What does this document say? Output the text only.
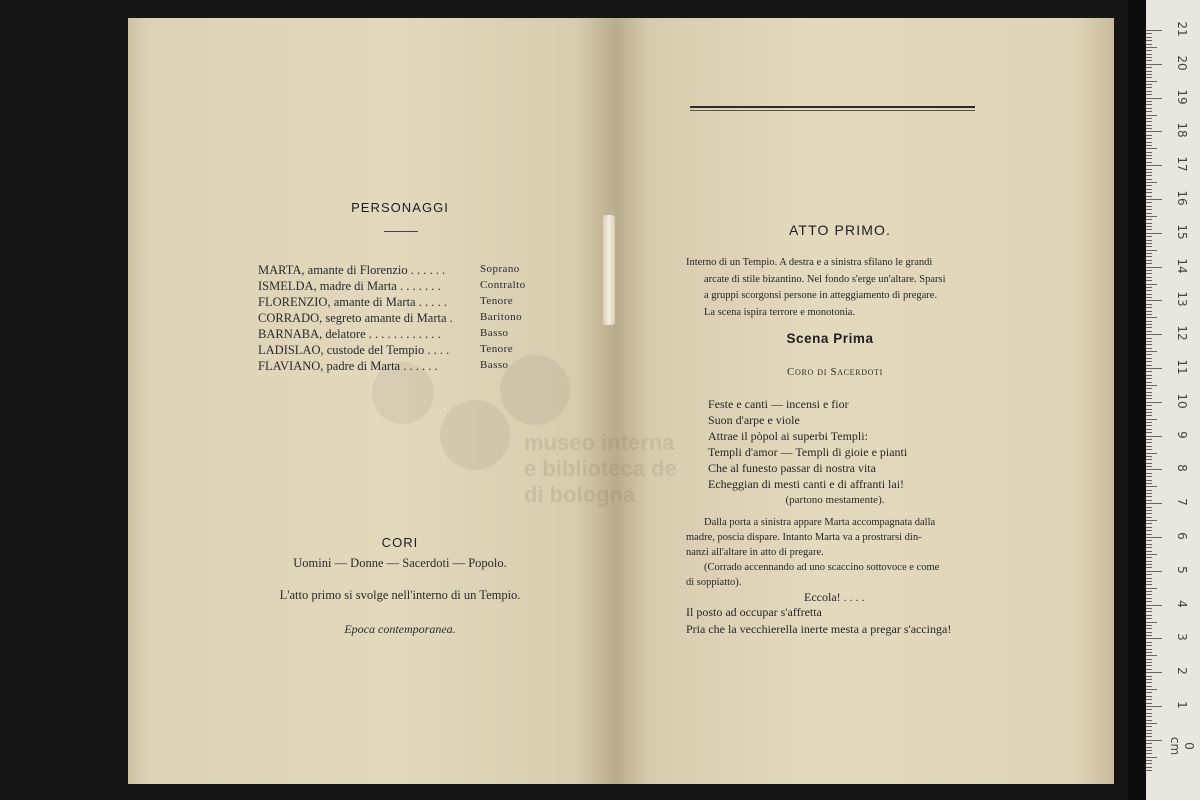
21
20
19
18
17
16
15
14
13
12
11
10
9
8
7
6
5
4
3
2
1
0 cm
museo interna
e biblioteca de
di bologna
PERSONAGGI
MARTA, amante di Florenzio . . . . . .	Soprano
ISMELDA, madre di Marta . . . . . . .	Contralto
FLORENZIO, amante di Marta . . . . .	Tenore
CORRADO, segreto amante di Marta . Baritono
BARNABA, delatore . . . . . . . . . . . .	Basso
LADISLAO, custode del Tempio . . . .	Tenore
FLAVIANO, padre di Marta . . . . . .	Basso
CORI
Uomini — Donne — Sacerdoti — Popolo.
L'atto primo si svolge nell'interno di un Tempio.
Epoca contemporanea.
ATTO PRIMO.
Interno di un Tempio. A destra e a sinistra sfilano le grandi
arcate di stile bizantino. Nel fondo s'erge un'altare. Sparsi
a gruppi scorgonsi persone in atteggiamento di pregare.
La scena ispira terrore e monotonia.
Scena Prima
Coro di Sacerdoti
Feste e canti — incensi e fior
Suon d'arpe e viole
Attrae il pòpol ai superbi Templi:
Templi d'amor — Templi di gioie e pianti
Che al funesto passar di nostra vita
Echeggian di mesti canti e di affranti lai!
(partono mestamente).
Dalla porta a sinistra appare Marta accompagnata dalla
madre, poscia dispare. Intanto Marta va a prostrarsi din-
nanzi all'altare in atto di pregare.
(Corrado accennando ad uno scaccino sottovoce e come
di soppiatto).
Eccola! . . . .
Il posto ad occupar s'affretta
Pria che la vecchierella inerte mesta a pregar s'accinga!
